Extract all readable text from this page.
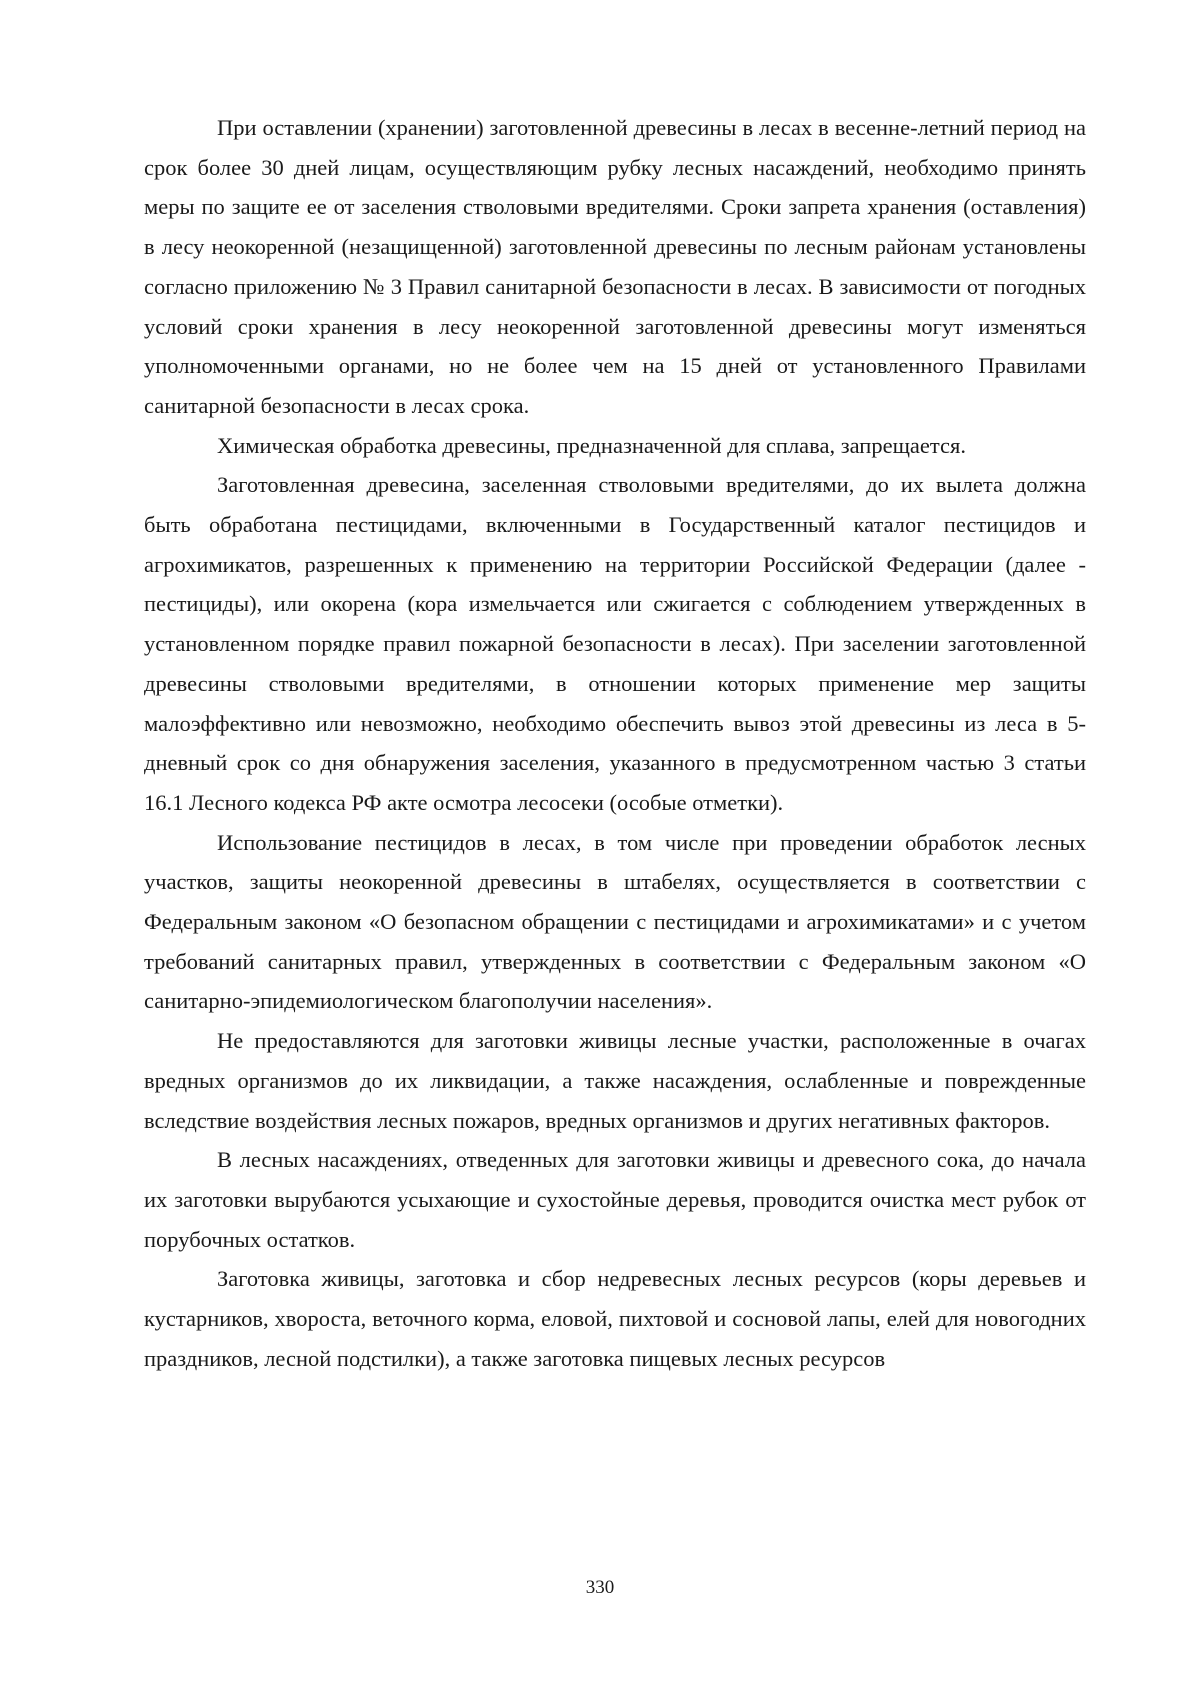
При оставлении (хранении) заготовленной древесины в лесах в весенне-летний период на срок более 30 дней лицам, осуществляющим рубку лесных насаждений, необходимо принять меры по защите ее от заселения стволовыми вредителями. Сроки запрета хранения (оставления) в лесу неокоренной (незащищенной) заготовленной древесины по лесным районам установлены согласно приложению № 3 Правил санитарной безопасности в лесах. В зависимости от погодных условий сроки хранения в лесу неокоренной заготовленной древесины могут изменяться уполномоченными органами, но не более чем на 15 дней от установленного Правилами санитарной безопасности в лесах срока.

Химическая обработка древесины, предназначенной для сплава, запрещается.

Заготовленная древесина, заселенная стволовыми вредителями, до их вылета должна быть обработана пестицидами, включенными в Государственный каталог пестицидов и агрохимикатов, разрешенных к применению на территории Российской Федерации (далее - пестициды), или окорена (кора измельчается или сжигается с соблюдением утвержденных в установленном порядке правил пожарной безопасности в лесах). При заселении заготовленной древесины стволовыми вредителями, в отношении которых применение мер защиты малоэффективно или невозможно, необходимо обеспечить вывоз этой древесины из леса в 5-дневный срок со дня обнаружения заселения, указанного в предусмотренном частью 3 статьи 16.1 Лесного кодекса РФ акте осмотра лесосеки (особые отметки).

Использование пестицидов в лесах, в том числе при проведении обработок лесных участков, защиты неокоренной древесины в штабелях, осуществляется в соответствии с Федеральным законом «О безопасном обращении с пестицидами и агрохимикатами» и с учетом требований санитарных правил, утвержденных в соответствии с Федеральным законом «О санитарно-эпидемиологическом благополучии населения».

Не предоставляются для заготовки живицы лесные участки, расположенные в очагах вредных организмов до их ликвидации, а также насаждения, ослабленные и поврежденные вследствие воздействия лесных пожаров, вредных организмов и других негативных факторов.

В лесных насаждениях, отведенных для заготовки живицы и древесного сока, до начала их заготовки вырубаются усыхающие и сухостойные деревья, проводится очистка мест рубок от порубочных остатков.

Заготовка живицы, заготовка и сбор недревесных лесных ресурсов (коры деревьев и кустарников, хвороста, веточного корма, еловой, пихтовой и сосновой лапы, елей для новогодних праздников, лесной подстилки), а также заготовка пищевых лесных ресурсов

330
